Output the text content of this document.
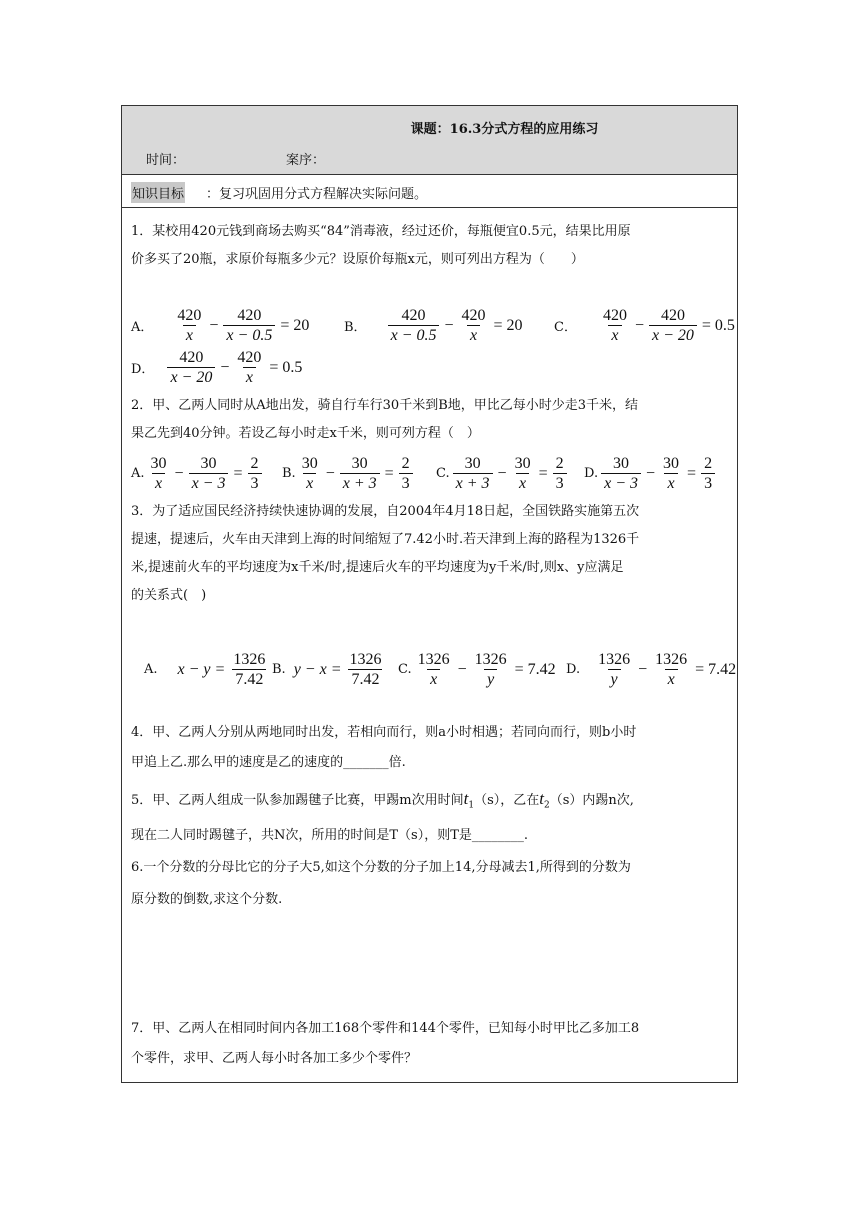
课题：16.3分式方程的应用练习
时间：	案序：
知识目标 ：复习巩固用分式方程解决实际问题。
1．某校用420元钱到商场去购买“84”消毒液，经过还价，每瓶便宜0.5元，结果比用原
价多买了20瓶，求原价每瓶多少元？设原价每瓶x元，则可列出方程为（　　）
A． $\frac{420}{x} - \frac{420}{x - 0.5} = 20$	B． $\frac{420}{x - 0.5} - \frac{420}{x} = 20$ C． $\frac{420}{x} - \frac{420}{x - 20} = 0.5$
D． $\frac{420}{x - 20} - \frac{420}{x} = 0.5$
2．甲、乙两人同时从A地出发，骑自行车行30千米到B地，甲比乙每小时少走3千米，结
果乙先到40分钟。若设乙每小时走x千米，则可列方程（　）
A. $\frac{30}{x} - \frac{30}{x - 3} = \frac{2}{3} B$. $\frac{30}{x} - \frac{30}{x + 3} = \frac{2}{3} C$. $\frac{30}{x + 3} - \frac{30}{x} = \frac{2}{3} D$. $\frac{30}{x - 3} - \frac{30}{x} = \frac{2}{3}$
3．为了适应国民经济持续快速协调的发展，自2004年4月18日起，全国铁路实施第五次
提速，提速后，火车由天津到上海的时间缩短了7.42小时.若天津到上海的路程为1326千
米,提速前火车的平均速度为x千米/时,提速后火车的平均速度为y千米/时,则x、y应满足
的关系式(　)
A. $x - y = \frac{1326}{7.42} B$. $y - x = \frac{1326}{7.42} C$. $\frac{1326}{x} - \frac{1326}{y} = 7.42$ D. $\frac{1326}{y} - \frac{1326}{x} = 7.42$
4．甲、乙两人分别从两地同时出发，若相向而行，则a小时相遇；若同向而行，则b小时
甲追上乙.那么甲的速度是乙的速度的_______倍.
5．甲、乙两人组成一队参加踢毽子比赛，甲踢m次用时间$t_1(s)$，乙在$t_2(s)$内踢n次,
现在二人同时踢毽子，共N次，所用的时间是T（s），则T是________.
6.一个分数的分母比它的分子大5,如这个分数的分子加上14,分母减去1,所得到的分数为
原分数的倒数,求这个分数.
7．甲、乙两人在相同时间内各加工168个零件和144个零件，已知每小时甲比乙多加工8
个零件，求甲、乙两人每小时各加工多少个零件？
